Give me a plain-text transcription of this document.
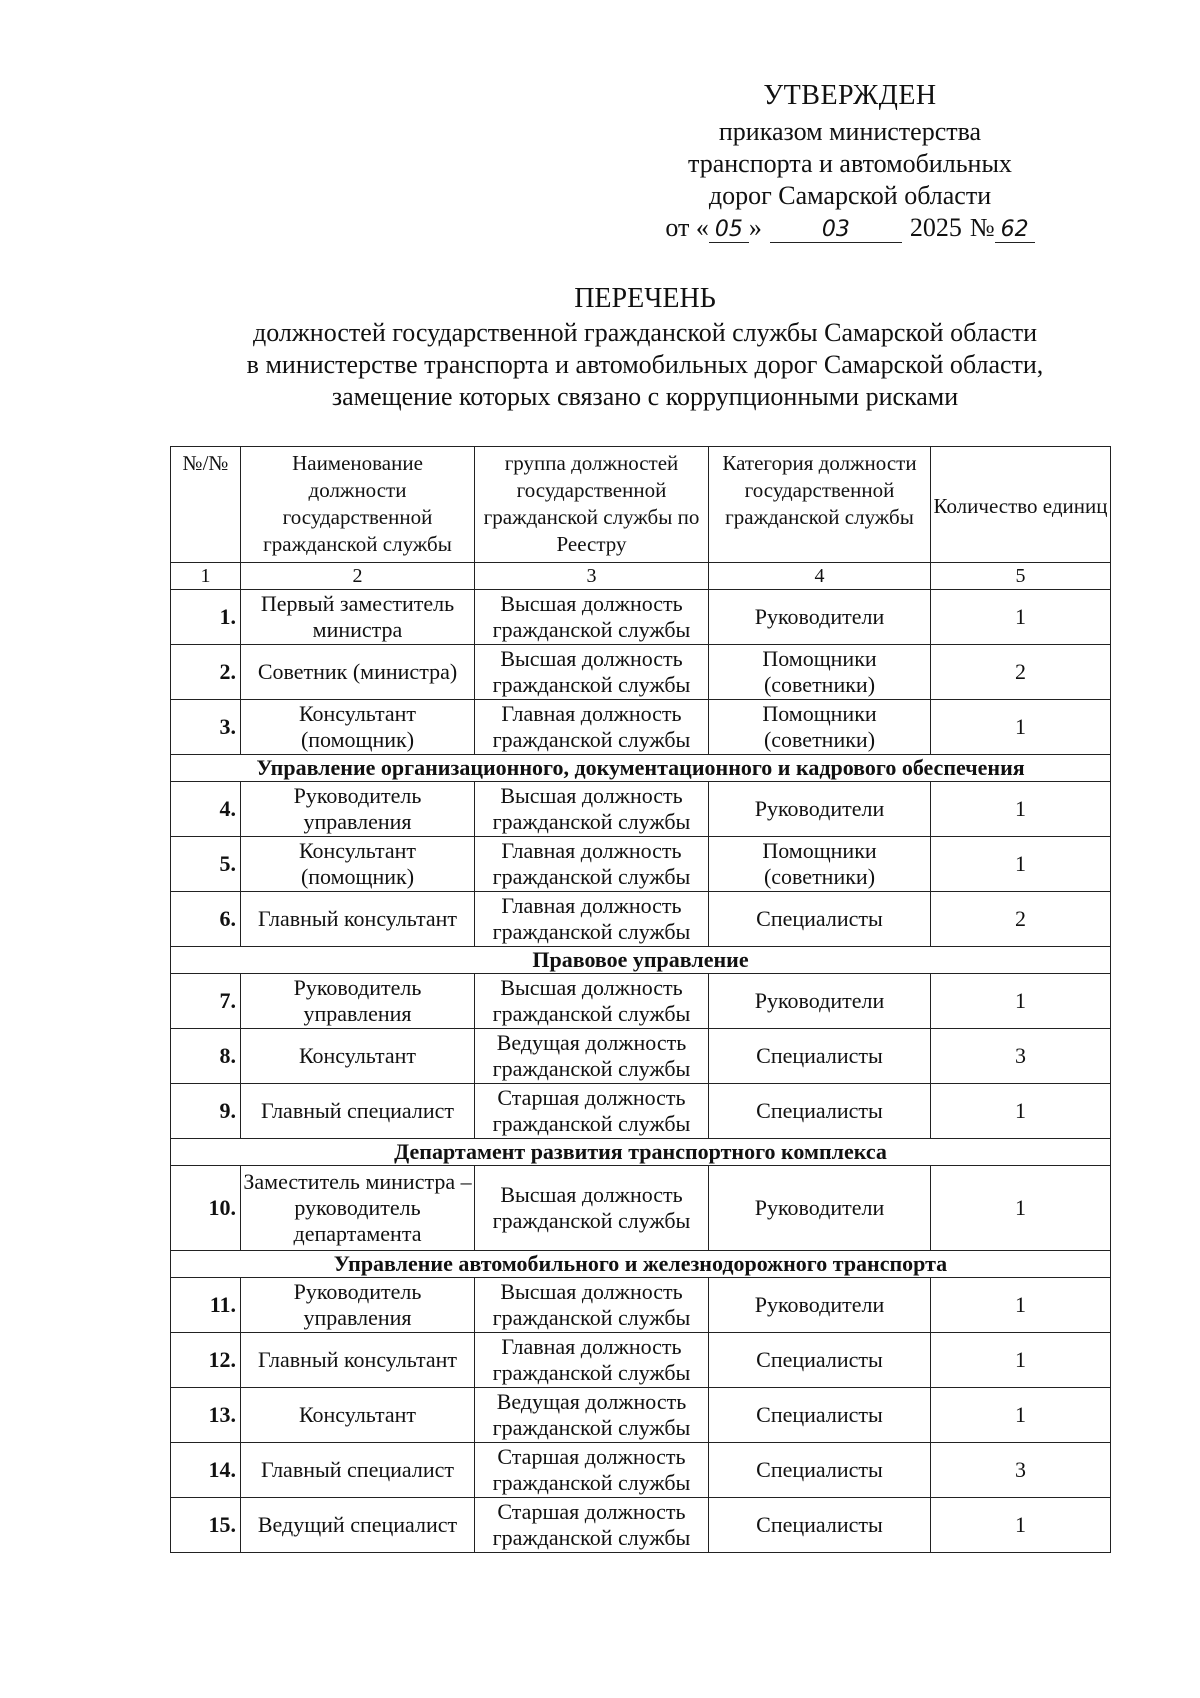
УТВЕРЖДЕН
приказом министерства
транспорта и автомобильных
дорог Самарской области
от « 05 »	03	2025 № 62
ПЕРЕЧЕНЬ
должностей государственной гражданской службы Самарской области
в министерстве транспорта и автомобильных дорог Самарской области,
замещение которых связано с коррупционными рисками
№/№	Наименование должности государственной гражданской службы	группа должностей государственной гражданской службы по Реестру	Категория должности государственной гражданской службы	Количество единиц
1	2	3	4	5
1.	Первый заместитель министра	Высшая должность гражданской службы	Руководители	1
2.	Советник (министра)	Высшая должность гражданской службы	Помощники (советники)	2
3.	Консультант (помощник)	Главная должность гражданской службы	Помощники (советники)	1
Управление организационного, документационного и кадрового обеспечения				
4.	Руководитель управления	Высшая должность гражданской службы	Руководители	1
5.	Консультант (помощник)	Главная должность гражданской службы	Помощники (советники)	1
6.	Главный консультант	Главная должность гражданской службы	Специалисты	2
Правовое управление				
7.	Руководитель управления	Высшая должность гражданской службы	Руководители	1
8.	Консультант	Ведущая должность гражданской службы	Специалисты	3
9.	Главный специалист	Старшая должность гражданской службы	Специалисты	1
Департамент развития транспортного комплекса				
10.	Заместитель министра – руководитель департамента	Высшая должность гражданской службы	Руководители	1
Управление автомобильного и железнодорожного транспорта				
11.	Руководитель управления	Высшая должность гражданской службы	Руководители	1
12.	Главный консультант	Главная должность гражданской службы	Специалисты	1
13.	Консультант	Ведущая должность гражданской службы	Специалисты	1
14.	Главный специалист	Старшая должность гражданской службы	Специалисты	3
15.	Ведущий специалист	Старшая должность гражданской службы	Специалисты	1
